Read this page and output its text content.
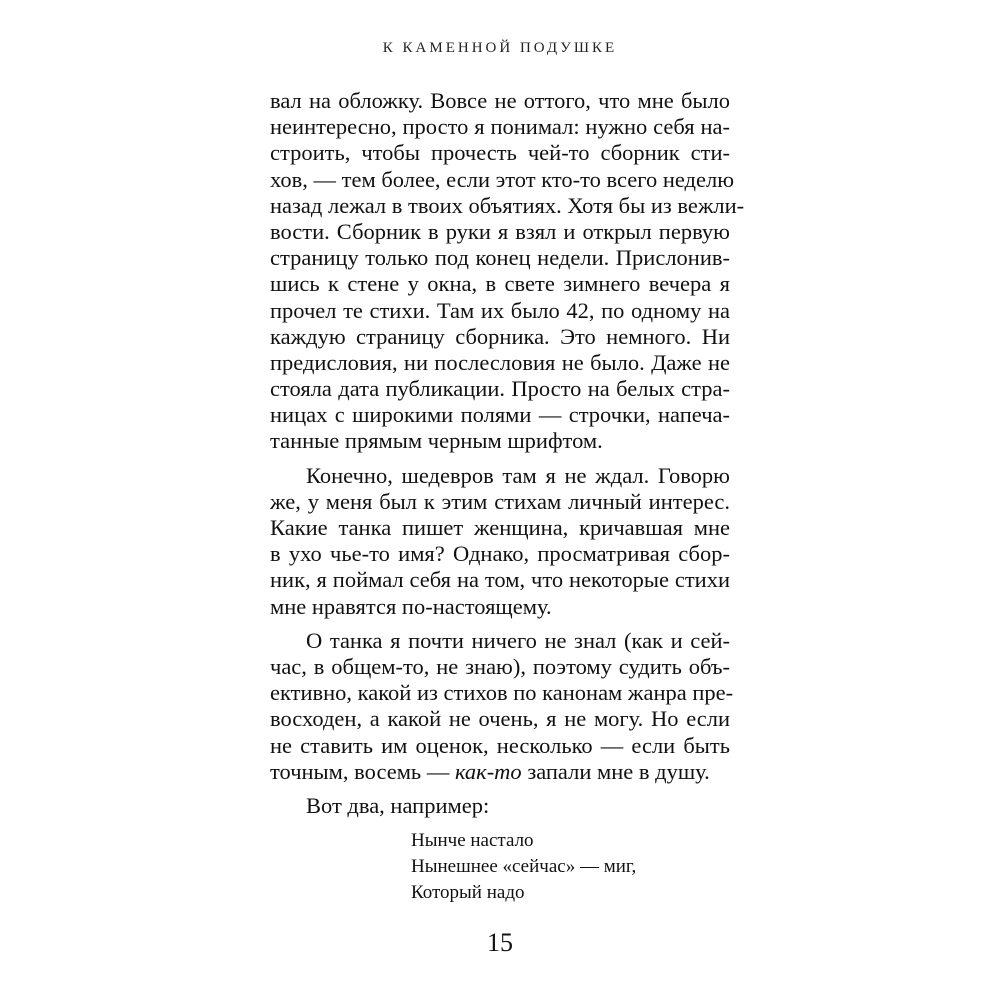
К КАМЕННОЙ ПОДУШКЕ
вал на обложку. Вовсе не оттого, что мне было
неинтересно, просто я понимал: нужно себя на-
строить, чтобы прочесть чей-то сборник сти-
хов, — тем более, если этот кто-то всего неделю
назад лежал в твоих объятиях. Хотя бы из вежли-
вости. Сборник в руки я взял и открыл первую
страницу только под конец недели. Прислонив-
шись к стене у окна, в свете зимнего вечера я
прочел те стихи. Там их было 42, по одному на
каждую страницу сборника. Это немного. Ни
предисловия, ни послесловия не было. Даже не
стояла дата публикации. Просто на белых стра-
ницах с широкими полями — строчки, напеча-
танные прямым черным шрифтом.
Конечно, шедевров там я не ждал. Говорю
же, у меня был к этим стихам личный интерес.
Какие танка пишет женщина, кричавшая мне
в ухо чье-то имя? Однако, просматривая сбор-
ник, я поймал себя на том, что некоторые стихи
мне нравятся по-настоящему.
О танка я почти ничего не знал (как и сей-
час, в общем-то, не знаю), поэтому судить объ-
ективно, какой из стихов по канонам жанра пре-
восходен, а какой не очень, я не могу. Но если
не ставить им оценок, несколько — если быть
точным, восемь — как-то запали мне в душу.
Вот два, например:
Нынче настало
Нынешнее «сейчас» — миг,
Который надо
15
